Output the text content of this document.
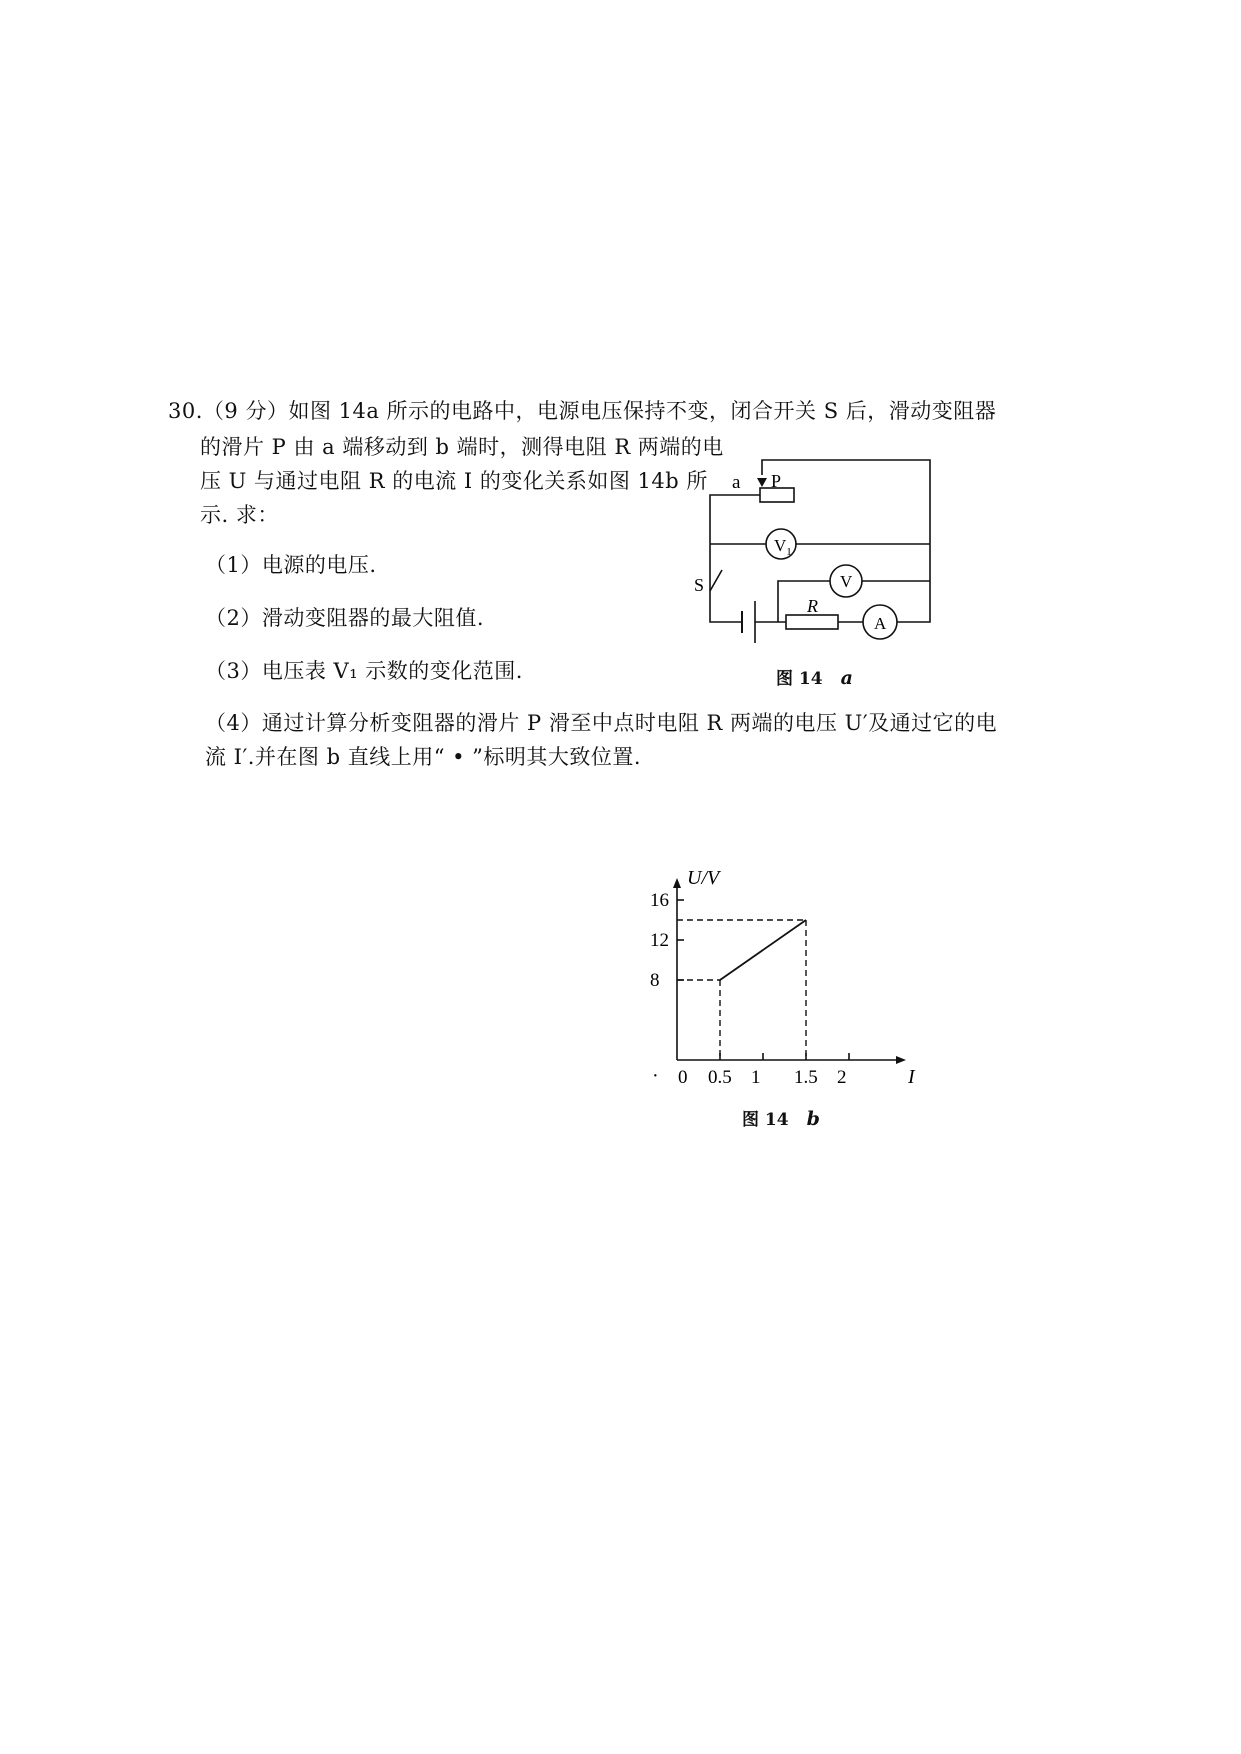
30.（9 分）如图 14a 所示的电路中，电源电压保持不变，闭合开关 S 后，滑动变阻器
的滑片 P 由 a 端移动到 b 端时，测得电阻 R 两端的电
压 U 与通过电阻 R 的电流 I 的变化关系如图 14b 所
示. 求：
（1）电源的电压.
（2）滑动变阻器的最大阻值.
（3）电压表 V₁ 示数的变化范围.
（4）通过计算分析变阻器的滑片 P 滑至中点时电阻 R 两端的电压 U′及通过它的电
流 I′.并在图 b 直线上用“ • ”标明其大致位置.
a P
$V_1$
V
A
S
R
图 14 a
0 0.5 1 1.5 2
8
12
16
U/V
I
·
图 14 b
